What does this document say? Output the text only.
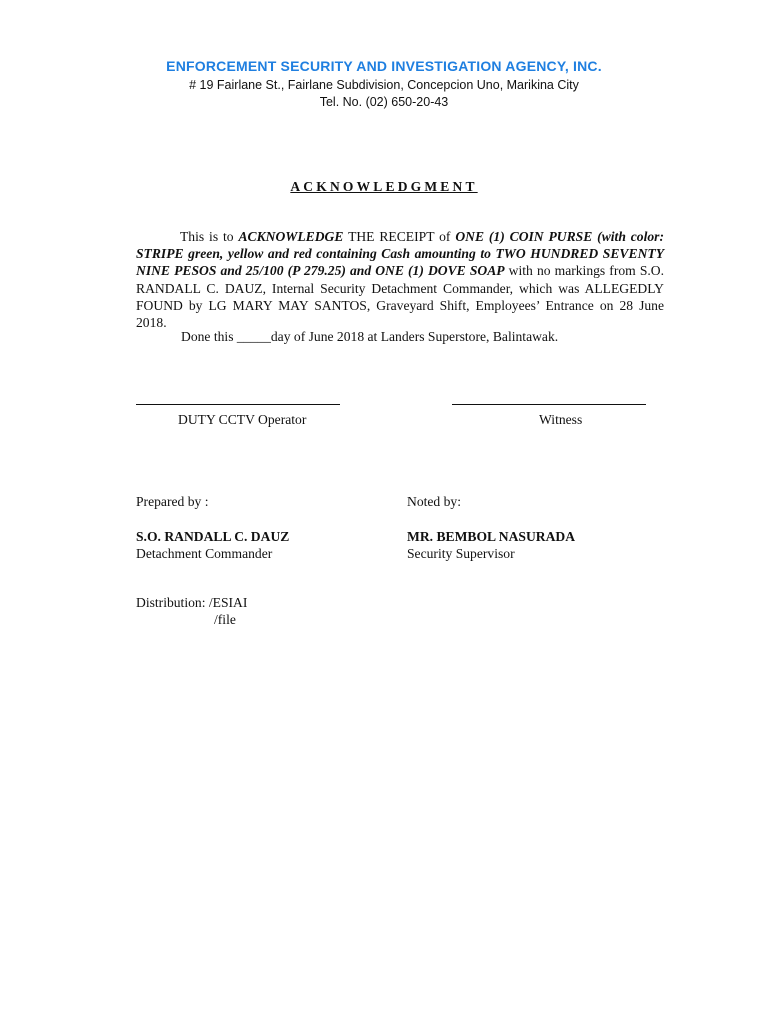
ENFORCEMENT SECURITY AND INVESTIGATION AGENCY, INC.
# 19 Fairlane St., Fairlane Subdivision, Concepcion Uno, Marikina City
Tel. No. (02) 650-20-43
ACKNOWLEDGMENT
This is to ACKNOWLEDGE THE RECEIPT of ONE (1) COIN PURSE (with color: STRIPE green, yellow and red containing Cash amounting to TWO HUNDRED SEVENTY NINE PESOS and 25/100 (P 279.25) and ONE (1) DOVE SOAP with no markings from S.O. RANDALL C. DAUZ, Internal Security Detachment Commander, which was ALLEGEDLY FOUND by LG MARY MAY SANTOS, Graveyard Shift, Employees’ Entrance on 28 June 2018.
Done this _____day of June 2018 at Landers Superstore, Balintawak.
DUTY CCTV Operator	Witness
Prepared by :
S.O. RANDALL C. DAUZ
Detachment Commander
Noted by:
MR. BEMBOL NASURADA
Security Supervisor
Distribution: /ESIAI
/file
